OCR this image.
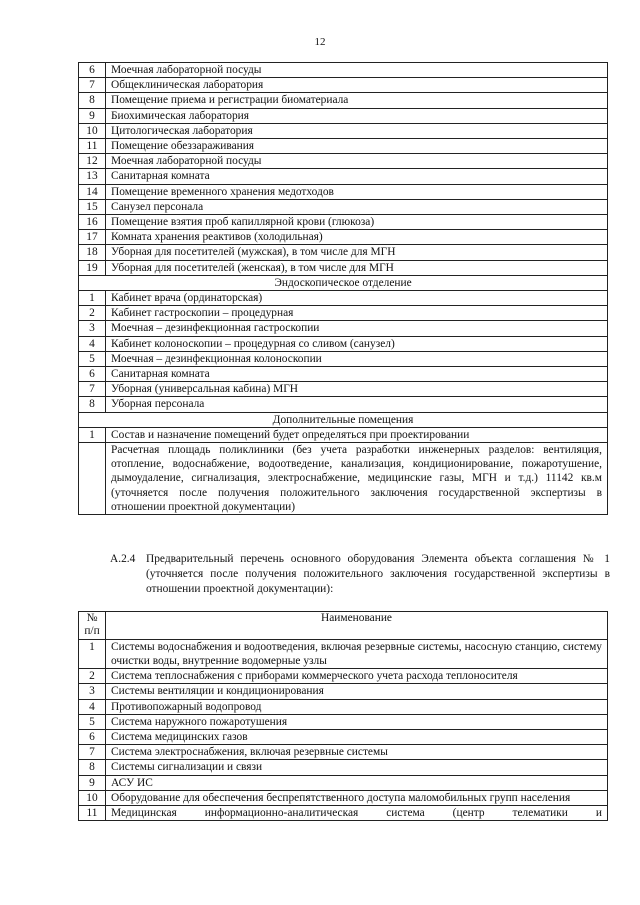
12
6	Моечная лабораторной посуды
7	Общеклиническая лаборатория
8	Помещение приема и регистрации биоматериала
9	Биохимическая лаборатория
10	Цитологическая лаборатория
11	Помещение обеззараживания
12	Моечная лабораторной посуды
13	Санитарная комната
14	Помещение временного хранения медотходов
15	Санузел персонала
16	Помещение взятия проб капиллярной крови (глюкоза)
17	Комната хранения реактивов (холодильная)
18	Уборная для посетителей (мужская), в том числе для МГН
19	Уборная для посетителей (женская), в том числе для МГН
Эндоскопическое отделение	
1	Кабинет врача (ординаторская)
2	Кабинет гастроскопии – процедурная
3	Моечная – дезинфекционная гастроскопии
4	Кабинет колоноскопии – процедурная со сливом (санузел)
5	Моечная – дезинфекционная колоноскопии
6	Санитарная комната
7	Уборная (универсальная кабина) МГН
8	Уборная персонала
Дополнительные помещения	
1	Состав и назначение помещений будет определяться при проектировании
	Расчетная площадь поликлиники (без учета разработки инженерных разделов: вентиляция, отопление, водоснабжение, водоотведение, канализация, кондиционирование, пожаротушение, дымоудаление, сигнализация, электроснабжение, медицинские газы, МГН и т.д.) 11142 кв.м (уточняется после получения положительного заключения государственной экспертизы в отношении проектной документации)
А.2.4 Предварительный перечень основного оборудования Элемента объекта соглашения № 1 (уточняется после получения положительного заключения государственной экспертизы в отношении проектной документации):
№
п/п	Наименование
1	Системы водоснабжения и водоотведения, включая резервные системы, насосную станцию, систему очистки воды, внутренние водомерные узлы
2	Система теплоснабжения с приборами коммерческого учета расхода теплоносителя
3	Системы вентиляции и кондиционирования
4	Противопожарный водопровод
5	Система наружного пожаротушения
6	Система медицинских газов
7	Система электроснабжения, включая резервные системы
8	Системы сигнализации и связи
9	АСУ ИС
10	Оборудование для обеспечения беспрепятственного доступа маломобильных групп населения
11	Медицинская информационно-аналитическая система (центр телематики и
